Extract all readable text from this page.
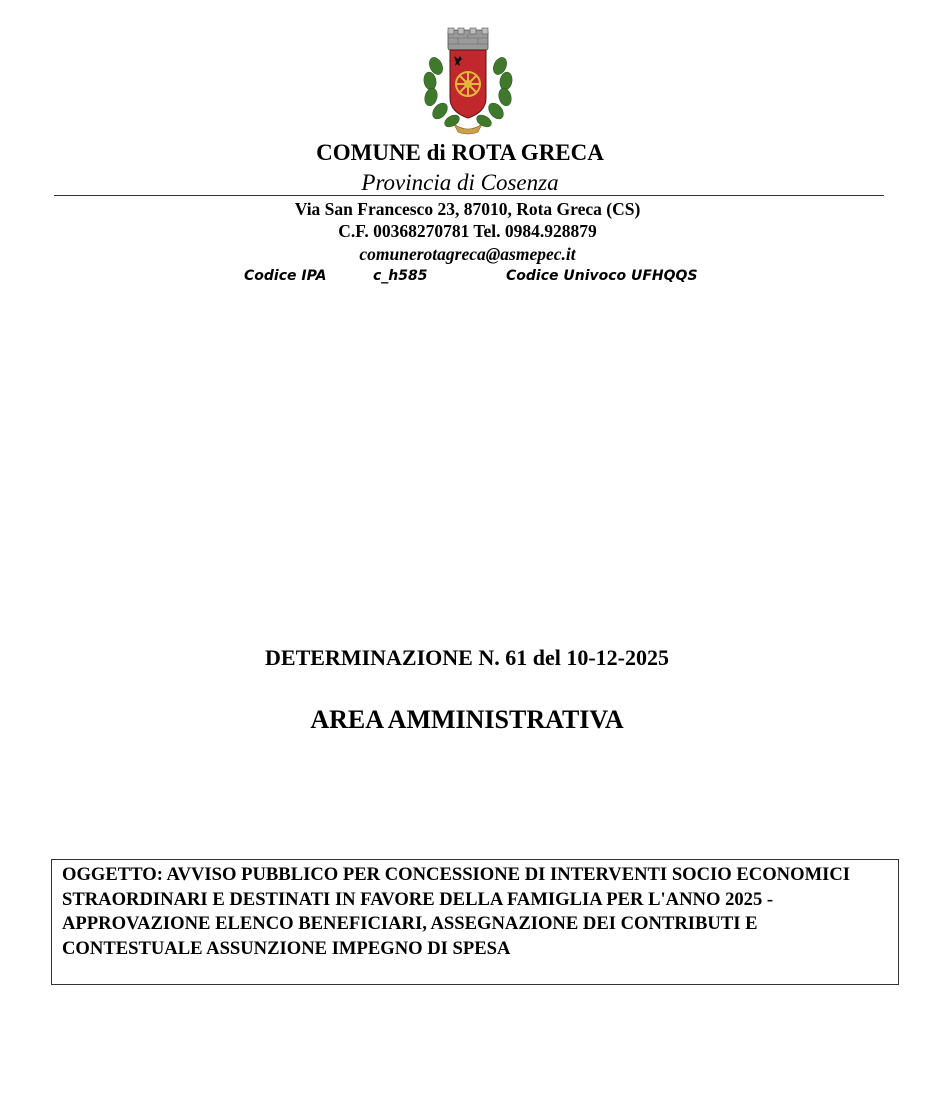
COMUNE di ROTA GRECA
Provincia di Cosenza
Via San Francesco 23, 87010, Rota Greca (CS)
C.F. 00368270781 Tel. 0984.928879
comunerotagreca@asmepec.it
Codice IPA	c_h585	Codice Univoco UFHQQS
DETERMINAZIONE N. 61 del 10-12-2025
AREA AMMINISTRATIVA

OGGETTO: AVVISO PUBBLICO PER CONCESSIONE DI INTERVENTI SOCIO ECONOMICI STRAORDINARI E DESTINATI IN FAVORE DELLA FAMIGLIA PER L'ANNO 2025 - APPROVAZIONE ELENCO BENEFICIARI, ASSEGNAZIONE DEI CONTRIBUTI E CONTESTUALE ASSUNZIONE IMPEGNO DI SPESA
